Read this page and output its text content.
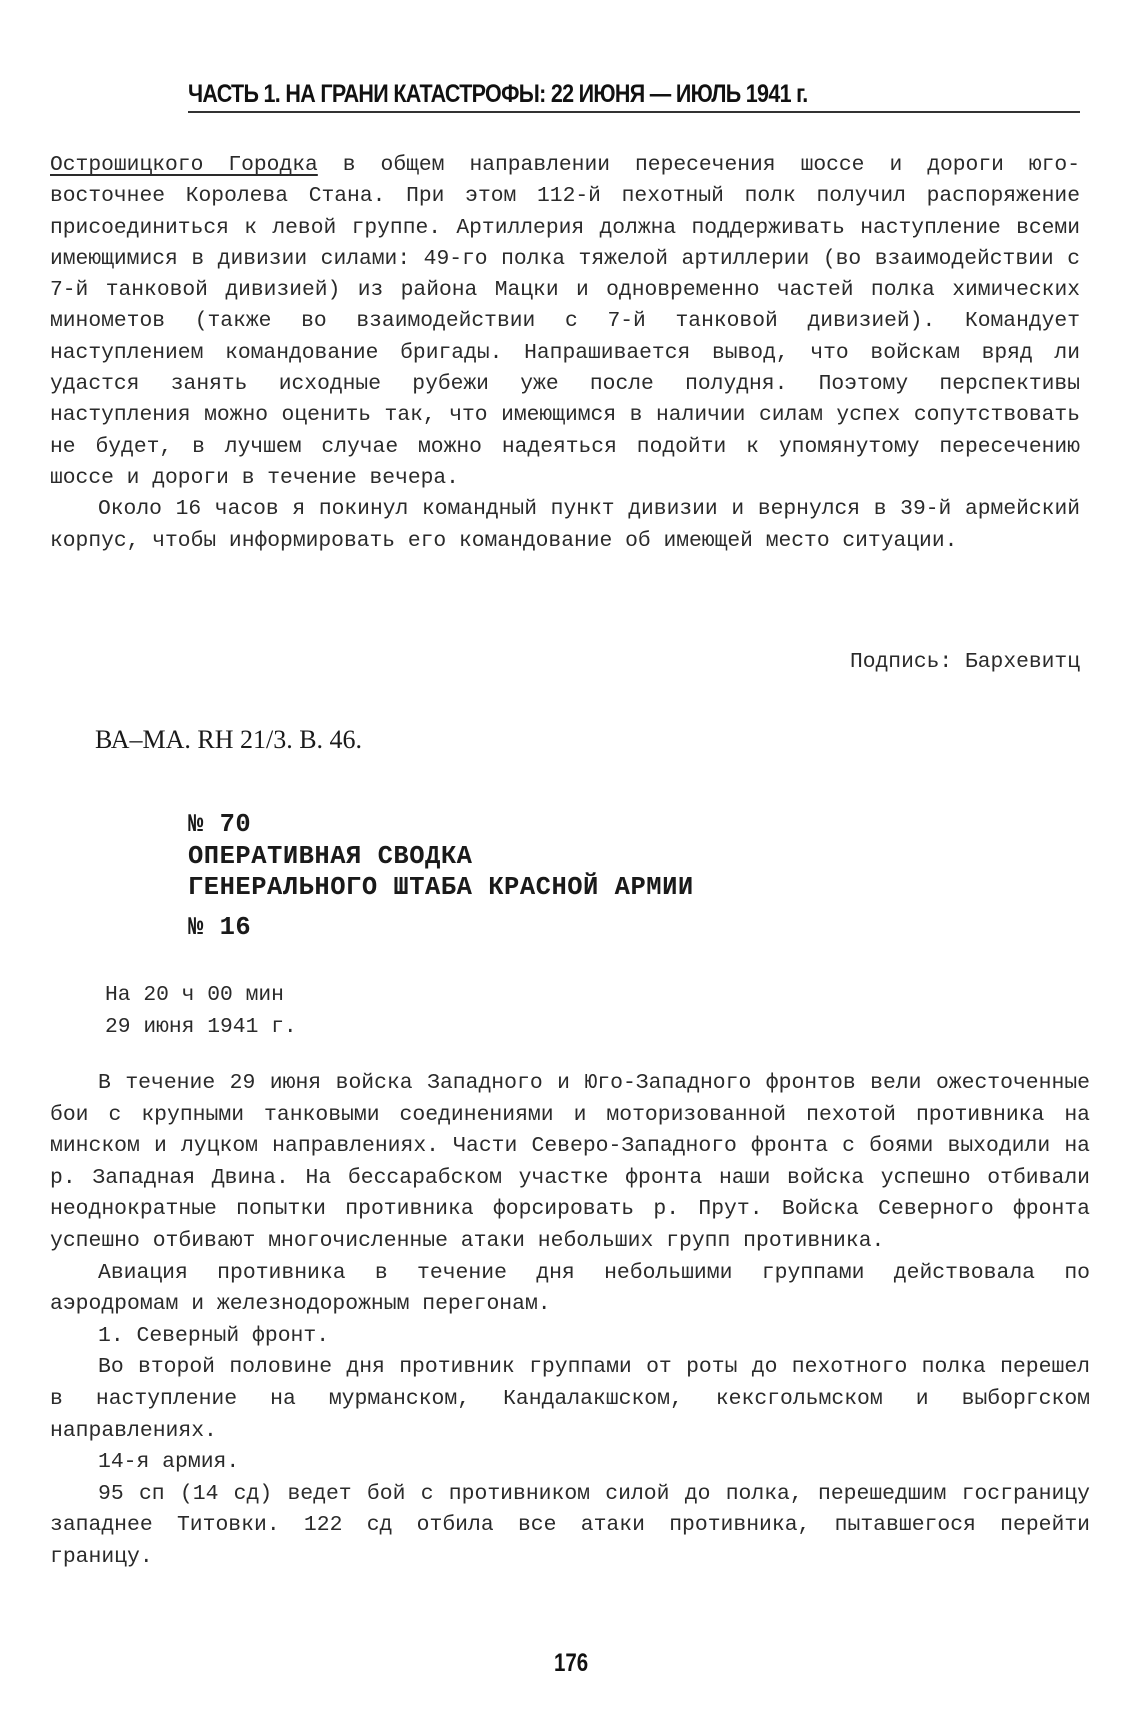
ЧАСТЬ 1. НА ГРАНИ КАТАСТРОФЫ: 22 ИЮНЯ — ИЮЛЬ 1941 г.

Острошицкого Городка в общем направлении пересечения шоссе и дороги юго-восточнее Королева Стана. При этом 112-й пехотный полк получил распоряжение присоединиться к левой группе. Артиллерия должна поддерживать наступление всеми имеющимися в дивизии силами: 49-го полка тяжелой артиллерии (во взаимодействии с 7-й танковой дивизией) из района Мацки и одновременно частей полка химических минометов (также во взаимодействии с 7-й танковой дивизией). Командует наступлением командование бригады. Напрашивается вывод, что войскам вряд ли удастся занять исходные рубежи уже после полудня. Поэтому перспективы наступления можно оценить так, что имеющимся в наличии силам успех сопутствовать не будет, в лучшем случае можно надеяться подойти к упомянутому пересечению шоссе и дороги в течение вечера.

Около 16 часов я покинул командный пункт дивизии и вернулся в 39-й армейский корпус, чтобы информировать его командование об имеющей место ситуации.

Подпись: Бархевитц
ВА–МА. RH 21/3. В. 46.
№ 70
ОПЕРАТИВНАЯ СВОДКА
ГЕНЕРАЛЬНОГО ШТАБА КРАСНОЙ АРМИИ
№ 16
На 20 ч 00 мин
29 июня 1941 г.

В течение 29 июня войска Западного и Юго-Западного фронтов вели ожесточенные бои с крупными танковыми соединениями и моторизованной пехотой противника на минском и луцком направлениях. Части Северо-Западного фронта с боями выходили на р. Западная Двина. На бессарабском участке фронта наши войска успешно отбивали неоднократные попытки противника форсировать р. Прут. Войска Северного фронта успешно отбивают многочисленные атаки небольших групп противника.

Авиация противника в течение дня небольшими группами действовала по аэродромам и железнодорожным перегонам.

1. Северный фронт.

Во второй половине дня противник группами от роты до пехотного полка перешел в наступление на мурманском, Кандалакшском, кексгольмском и выборгском направлениях.

14-я армия.

95 сп (14 сд) ведет бой с противником силой до полка, перешедшим госграницу западнее Титовки. 122 сд отбила все атаки противника, пытавшегося перейти границу.

176
